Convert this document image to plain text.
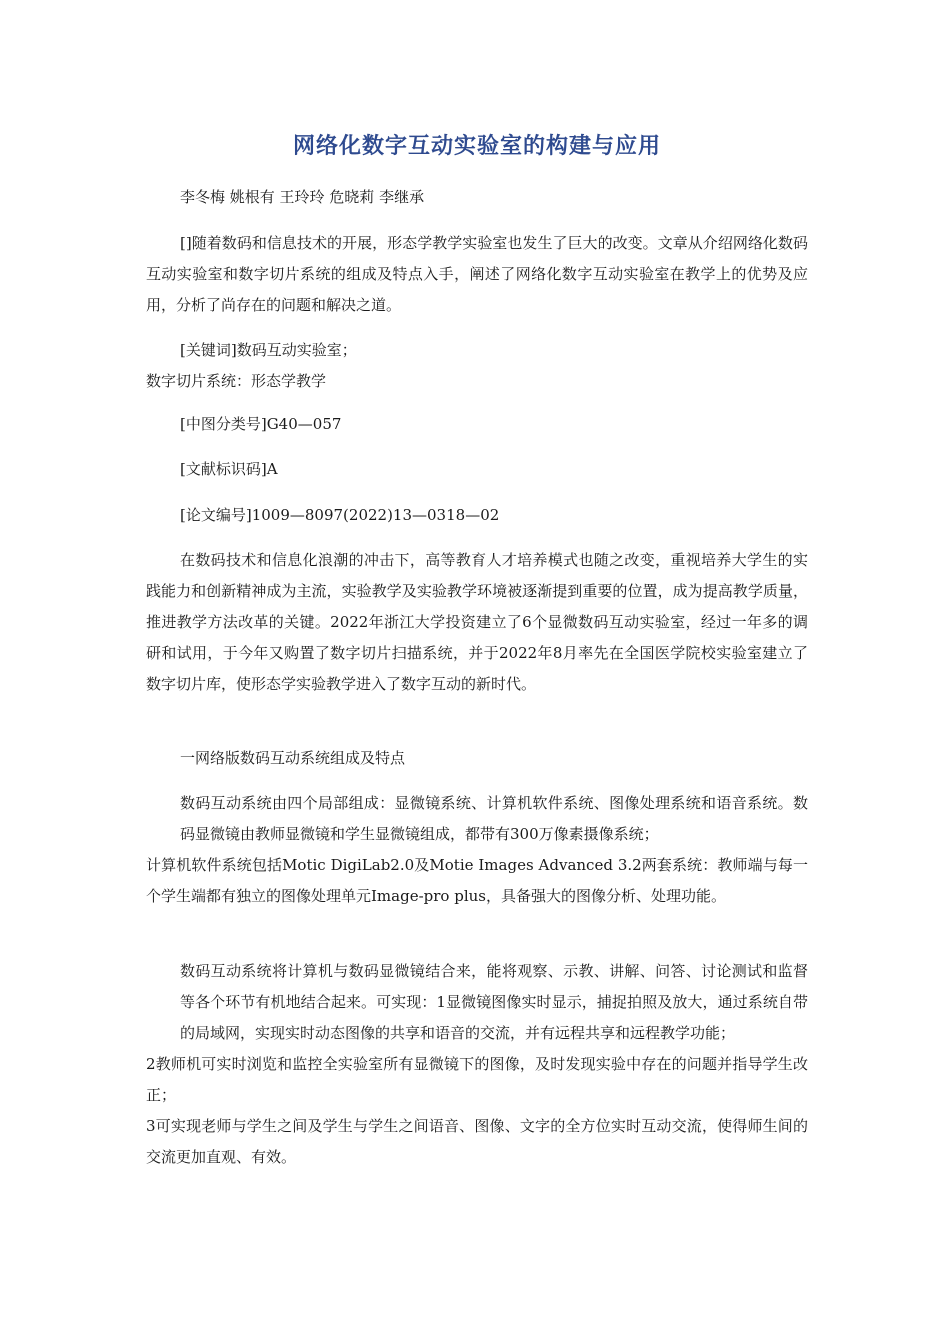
网络化数字互动实验室的构建与应用
李冬梅 姚根有 王玲玲 危晓莉 李继承
[]随着数码和信息技术的开展，形态学教学实验室也发生了巨大的改变。文章从介绍网络化数码互动实验室和数字切片系统的组成及特点入手，阐述了网络化数字互动实验室在教学上的优势及应用，分析了尚存在的问题和解决之道。
[关键词]数码互动实验室；
数字切片系统：形态学教学
[中图分类号]G40—057
[文献标识码]A
[论文编号]1009—8097(2022)13—0318—02
在数码技术和信息化浪潮的冲击下，高等教育人才培养模式也随之改变，重视培养大学生的实践能力和创新精神成为主流，实验教学及实验教学环境被逐渐提到重要的位置，成为提高教学质量，推进教学方法改革的关键。2022年浙江大学投资建立了6个显微数码互动实验室，经过一年多的调研和试用，于今年又购置了数字切片扫描系统，并于2022年8月率先在全国医学院校实验室建立了数字切片库，使形态学实验教学进入了数字互动的新时代。
一网络版数码互动系统组成及特点
数码互动系统由四个局部组成：显微镜系统、计算机软件系统、图像处理系统和语音系统。数码显微镜由教师显微镜和学生显微镜组成，都带有300万像素摄像系统；
计算机软件系统包括Motic DigiLab2.0及Motie Images Advanced 3.2两套系统：教师端与每一个学生端都有独立的图像处理单元Image-pro plus，具备强大的图像分析、处理功能。
数码互动系统将计算机与数码显微镜结合来，能将观察、示教、讲解、问答、讨论测试和监督等各个环节有机地结合起来。可实现：1显微镜图像实时显示，捕捉拍照及放大，通过系统自带的局域网，实现实时动态图像的共享和语音的交流，并有远程共享和远程教学功能；
2教师机可实时浏览和监控全实验室所有显微镜下的图像，及时发现实验中存在的问题并指导学生改正；
3可实现老师与学生之间及学生与学生之间语音、图像、文字的全方位实时互动交流，使得师生间的交流更加直观、有效。
